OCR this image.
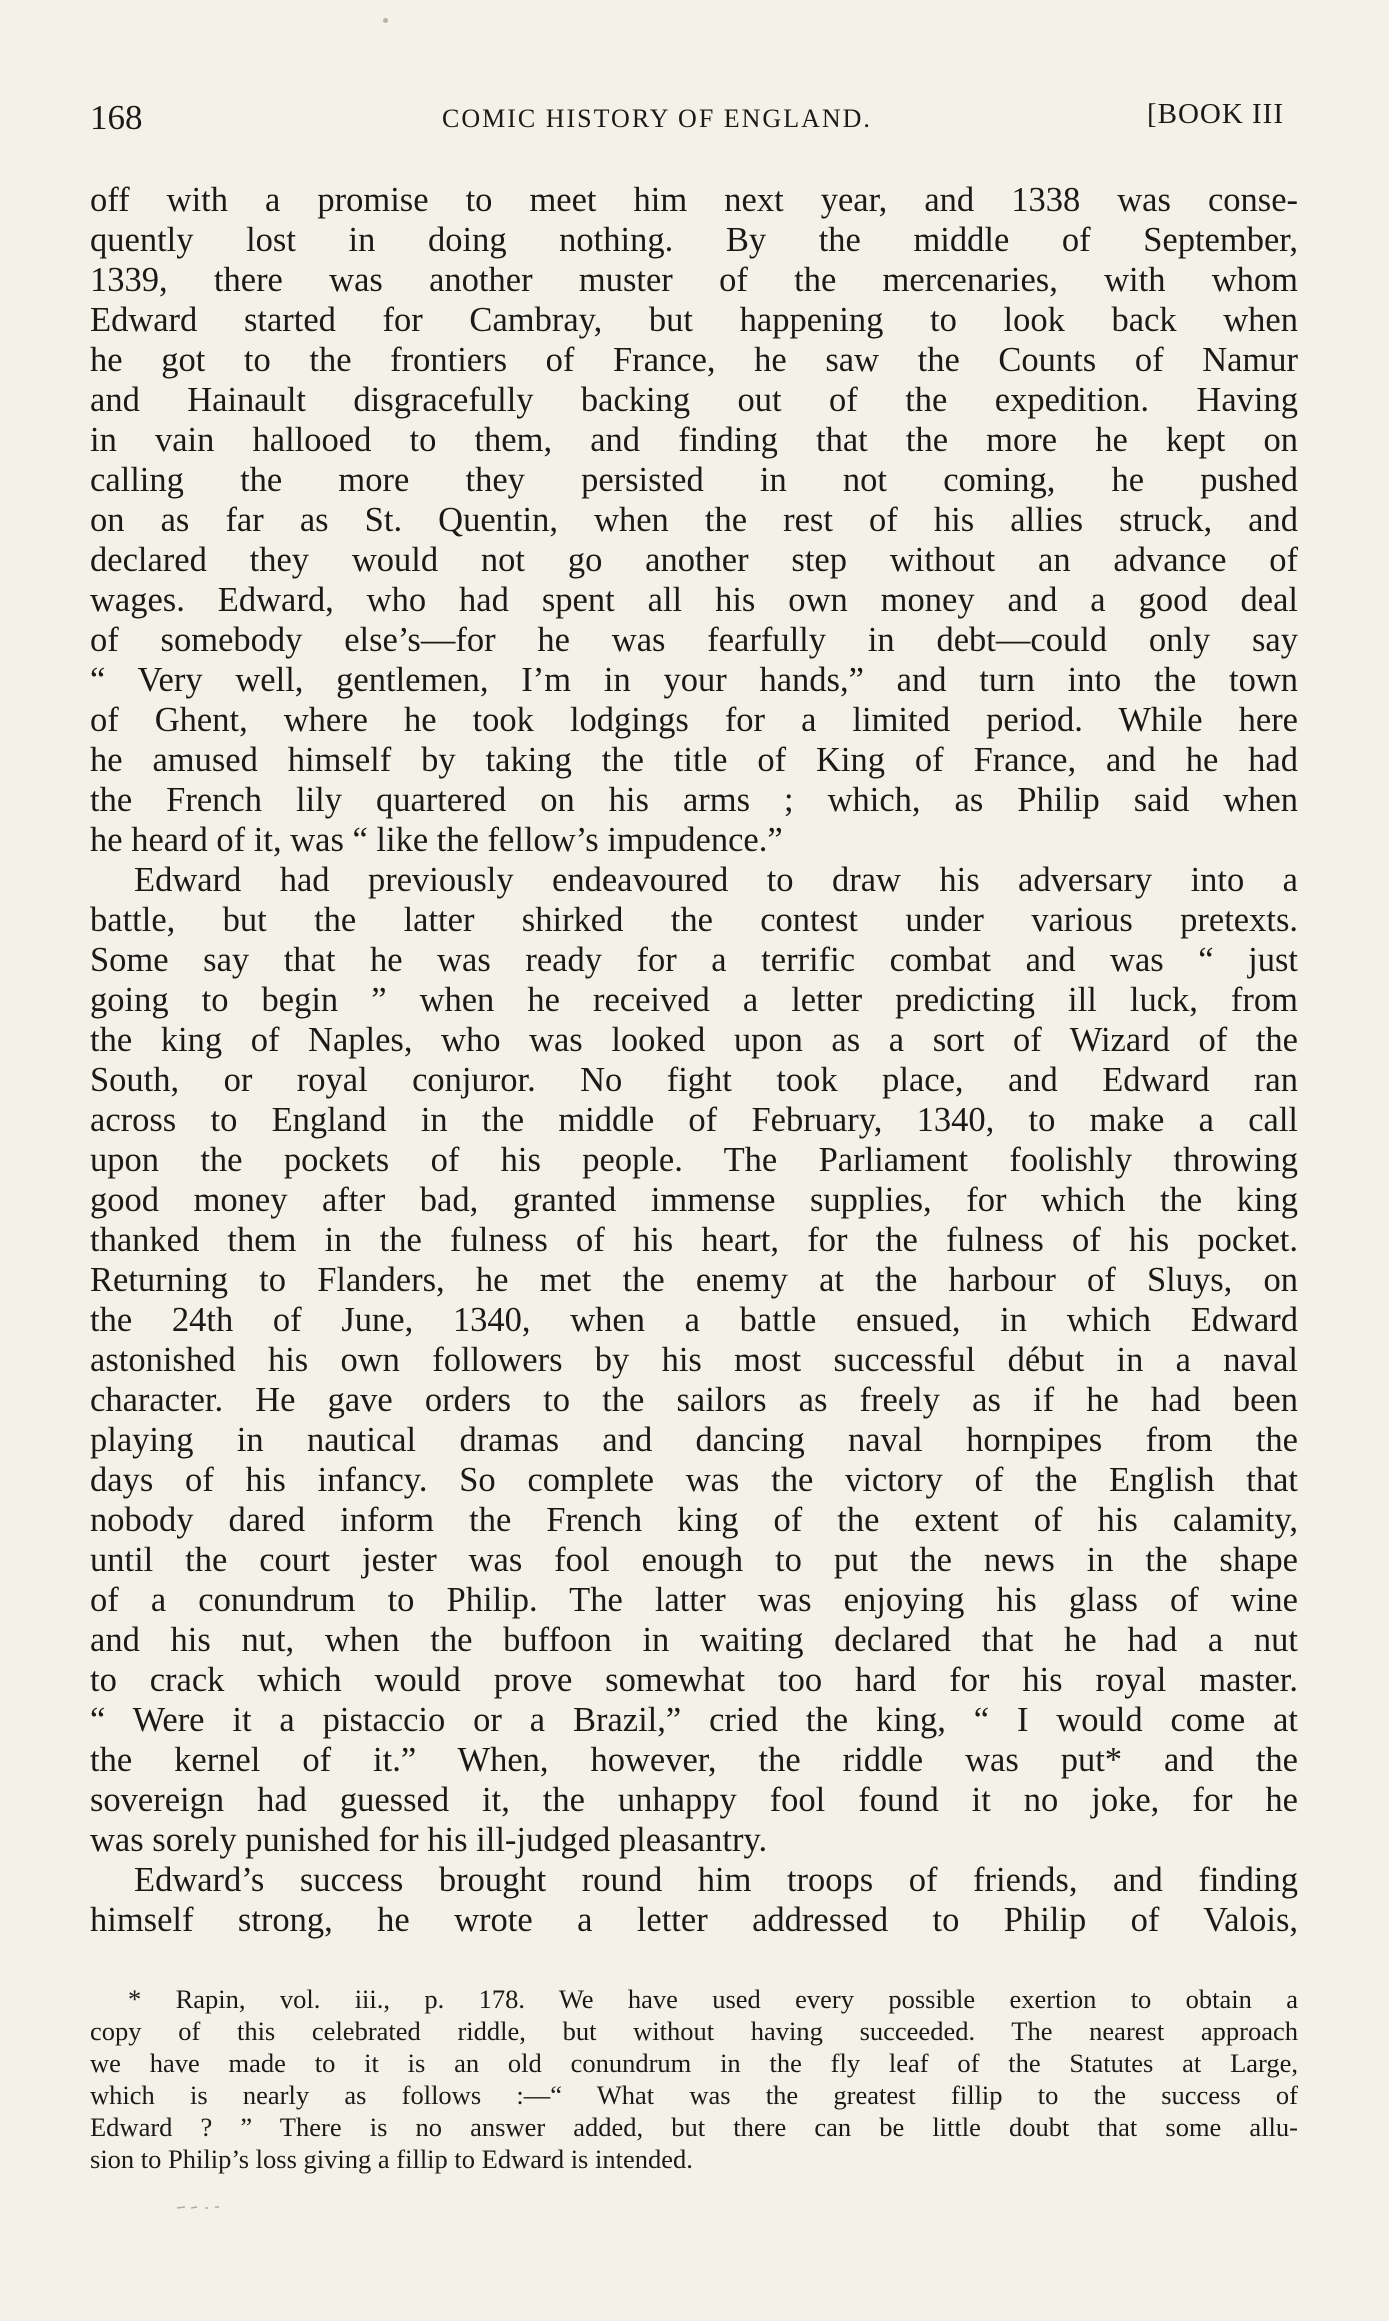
168	COMIC HISTORY OF ENGLAND.	[BOOK III
off with a promise to meet him next year, and 1338 was conse-
quently lost in doing nothing. By the middle of September,
1339, there was another muster of the mercenaries, with whom
Edward started for Cambray, but happening to look back when
he got to the frontiers of France, he saw the Counts of Namur
and Hainault disgracefully backing out of the expedition. Having
in vain hallooed to them, and finding that the more he kept on
calling the more they persisted in not coming, he pushed
on as far as St. Quentin, when the rest of his allies struck, and
declared they would not go another step without an advance of
wages. Edward, who had spent all his own money and a good deal
of somebody else’s—for he was fearfully in debt—could only say
“ Very well, gentlemen, I’m in your hands,” and turn into the town
of Ghent, where he took lodgings for a limited period. While here
he amused himself by taking the title of King of France, and he had
the French lily quartered on his arms ; which, as Philip said when
he heard of it, was “ like the fellow’s impudence.”
Edward had previously endeavoured to draw his adversary into a
battle, but the latter shirked the contest under various pretexts.
Some say that he was ready for a terrific combat and was “ just
going to begin ” when he received a letter predicting ill luck, from
the king of Naples, who was looked upon as a sort of Wizard of the
South, or royal conjuror. No fight took place, and Edward ran
across to England in the middle of February, 1340, to make a call
upon the pockets of his people. The Parliament foolishly throwing
good money after bad, granted immense supplies, for which the king
thanked them in the fulness of his heart, for the fulness of his pocket.
Returning to Flanders, he met the enemy at the harbour of Sluys, on
the 24th of June, 1340, when a battle ensued, in which Edward
astonished his own followers by his most successful début in a naval
character. He gave orders to the sailors as freely as if he had been
playing in nautical dramas and dancing naval hornpipes from the
days of his infancy. So complete was the victory of the English that
nobody dared inform the French king of the extent of his calamity,
until the court jester was fool enough to put the news in the shape
of a conundrum to Philip. The latter was enjoying his glass of wine
and his nut, when the buffoon in waiting declared that he had a nut
to crack which would prove somewhat too hard for his royal master.
“ Were it a pistaccio or a Brazil,” cried the king, “ I would come at
the kernel of it.” When, however, the riddle was put* and the
sovereign had guessed it, the unhappy fool found it no joke, for he
was sorely punished for his ill-judged pleasantry.
Edward’s success brought round him troops of friends, and finding
himself strong, he wrote a letter addressed to Philip of Valois,
* Rapin, vol. iii., p. 178. We have used every possible exertion to obtain a
copy of this celebrated riddle, but without having succeeded. The nearest approach
we have made to it is an old conundrum in the fly leaf of the Statutes at Large,
which is nearly as follows :—“ What was the greatest fillip to the success of
Edward ? ” There is no answer added, but there can be little doubt that some allu-
sion to Philip’s loss giving a fillip to Edward is intended.
